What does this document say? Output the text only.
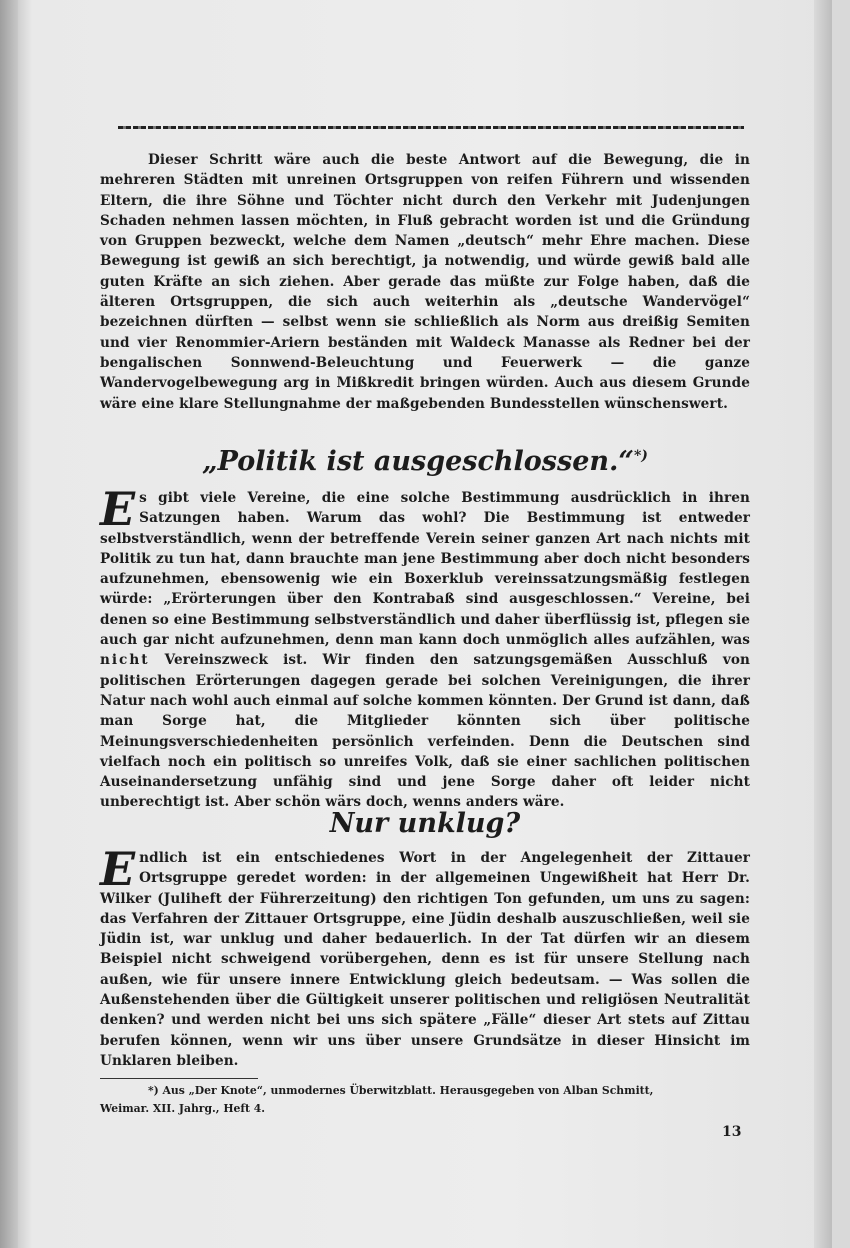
Dieser Schritt wäre auch die beste Antwort auf die Bewegung, die in mehreren Städten mit unreinen Ortsgruppen von reifen Führern und wissenden Eltern, die ihre Söhne und Töchter nicht durch den Verkehr mit Judenjungen Schaden nehmen lassen möchten, in Fluß gebracht worden ist und die Gründung von Gruppen bezweckt, welche dem Namen „deutsch“ mehr Ehre machen. Diese Bewegung ist gewiß an sich berechtigt, ja notwendig, und würde gewiß bald alle guten Kräfte an sich ziehen. Aber gerade das müßte zur Folge haben, daß die älteren Ortsgruppen, die sich auch weiterhin als „deutsche Wandervögel“ bezeichnen dürften — selbst wenn sie schließlich als Norm aus dreißig Semiten und vier Renommier-Ariern beständen mit Waldeck Manasse als Redner bei der bengalischen Sonnwend-Beleuchtung und Feuerwerk — die ganze Wandervogelbewegung arg in Mißkredit bringen würden. Auch aus diesem Grunde wäre eine klare Stellungnahme der maßgebenden Bundesstellen wünschenswert.
„Politik ist ausgeschlossen.“*)
Es gibt viele Vereine, die eine solche Bestimmung ausdrücklich in ihren Satzungen haben. Warum das wohl? Die Bestimmung ist entweder selbstverständlich, wenn der betreffende Verein seiner ganzen Art nach nichts mit Politik zu tun hat, dann brauchte man jene Bestimmung aber doch nicht besonders aufzunehmen, ebensowenig wie ein Boxerklub vereinssatzungsmäßig festlegen würde: „Erörterungen über den Kontrabaß sind ausgeschlossen.“ Vereine, bei denen so eine Bestimmung selbstverständlich und daher überflüssig ist, pflegen sie auch gar nicht aufzunehmen, denn man kann doch unmöglich alles aufzählen, was nicht Vereinszweck ist. Wir finden den satzungsgemäßen Ausschluß von politischen Erörterungen dagegen gerade bei solchen Vereinigungen, die ihrer Natur nach wohl auch einmal auf solche kommen könnten. Der Grund ist dann, daß man Sorge hat, die Mitglieder könnten sich über politische Meinungsverschiedenheiten persönlich verfeinden. Denn die Deutschen sind vielfach noch ein politisch so unreifes Volk, daß sie einer sachlichen politischen Auseinandersetzung unfähig sind und jene Sorge daher oft leider nicht unberechtigt ist. Aber schön wärs doch, wenns anders wäre.
Nur unklug?
Endlich ist ein entschiedenes Wort in der Angelegenheit der Zittauer Ortsgruppe geredet worden: in der allgemeinen Ungewißheit hat Herr Dr. Wilker (Juliheft der Führerzeitung) den richtigen Ton gefunden, um uns zu sagen: das Verfahren der Zittauer Ortsgruppe, eine Jüdin deshalb auszuschließen, weil sie Jüdin ist, war unklug und daher bedauerlich. In der Tat dürfen wir an diesem Beispiel nicht schweigend vorübergehen, denn es ist für unsere Stellung nach außen, wie für unsere innere Entwicklung gleich bedeutsam. — Was sollen die Außenstehenden über die Gültigkeit unserer politischen und religiösen Neutralität denken? und werden nicht bei uns sich spätere „Fälle“ dieser Art stets auf Zittau berufen können, wenn wir uns über unsere Grundsätze in dieser Hinsicht im Unklaren bleiben.
*) Aus „Der Knote“, unmodernes Überwitzblatt. Herausgegeben von Alban Schmitt,
Weimar. XII. Jahrg., Heft 4.
13
